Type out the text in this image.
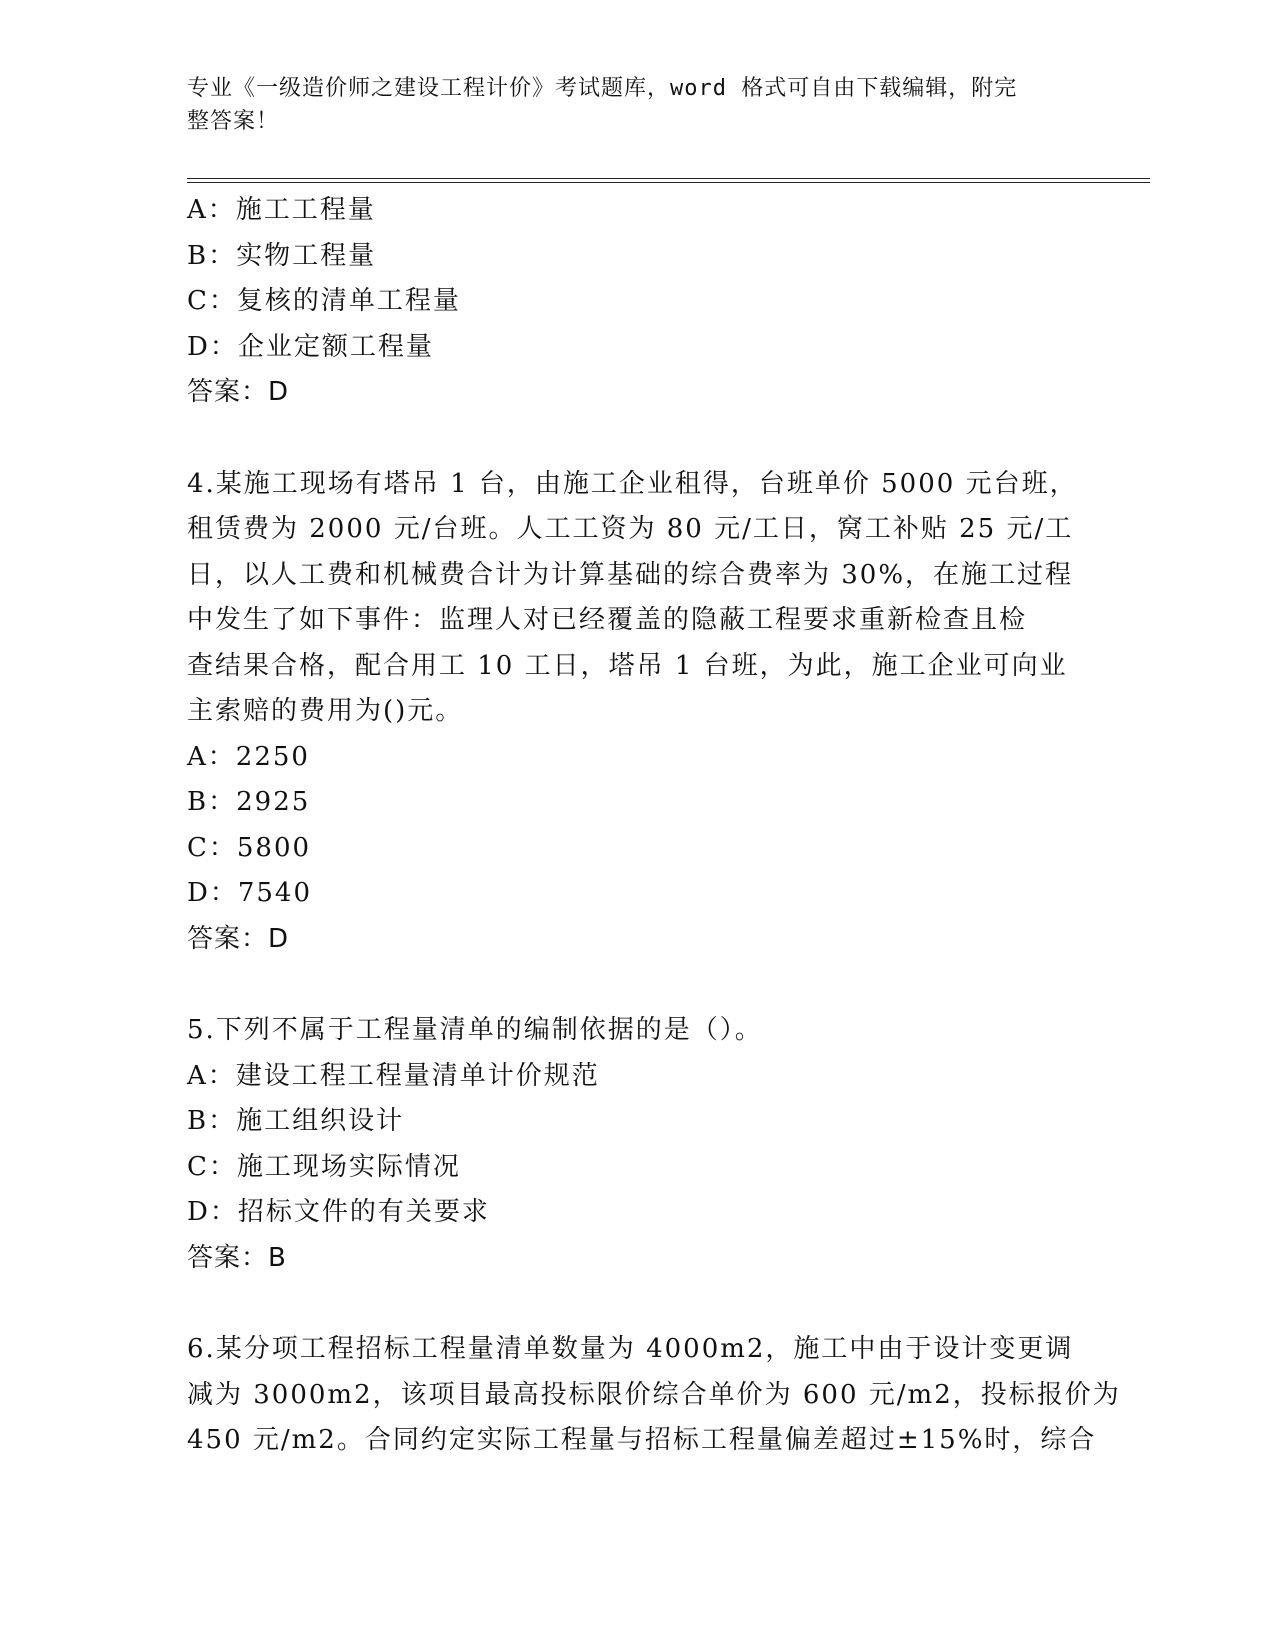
专业《一级造价师之建设工程计价》考试题库，word 格式可自由下载编辑，附完
整答案！
A：施工工程量
B：实物工程量
C：复核的清单工程量
D：企业定额工程量
答案：D
4.某施工现场有塔吊 1 台，由施工企业租得，台班单价 5000 元台班，
租赁费为 2000 元/台班。人工工资为 80 元/工日，窝工补贴 25 元/工
日，以人工费和机械费合计为计算基础的综合费率为 30%，在施工过程
中发生了如下事件：监理人对已经覆盖的隐蔽工程要求重新检查且检
查结果合格，配合用工 10 工日，塔吊 1 台班，为此，施工企业可向业
主索赔的费用为()元。
A：2250
B：2925
C：5800
D：7540
答案：D
5.下列不属于工程量清单的编制依据的是（）。
A：建设工程工程量清单计价规范
B：施工组织设计
C：施工现场实际情况
D：招标文件的有关要求
答案：B
6.某分项工程招标工程量清单数量为 4000m2，施工中由于设计变更调
减为 3000m2，该项目最高投标限价综合单价为 600 元/m2，投标报价为
450 元/m2。合同约定实际工程量与招标工程量偏差超过±15%时，综合
